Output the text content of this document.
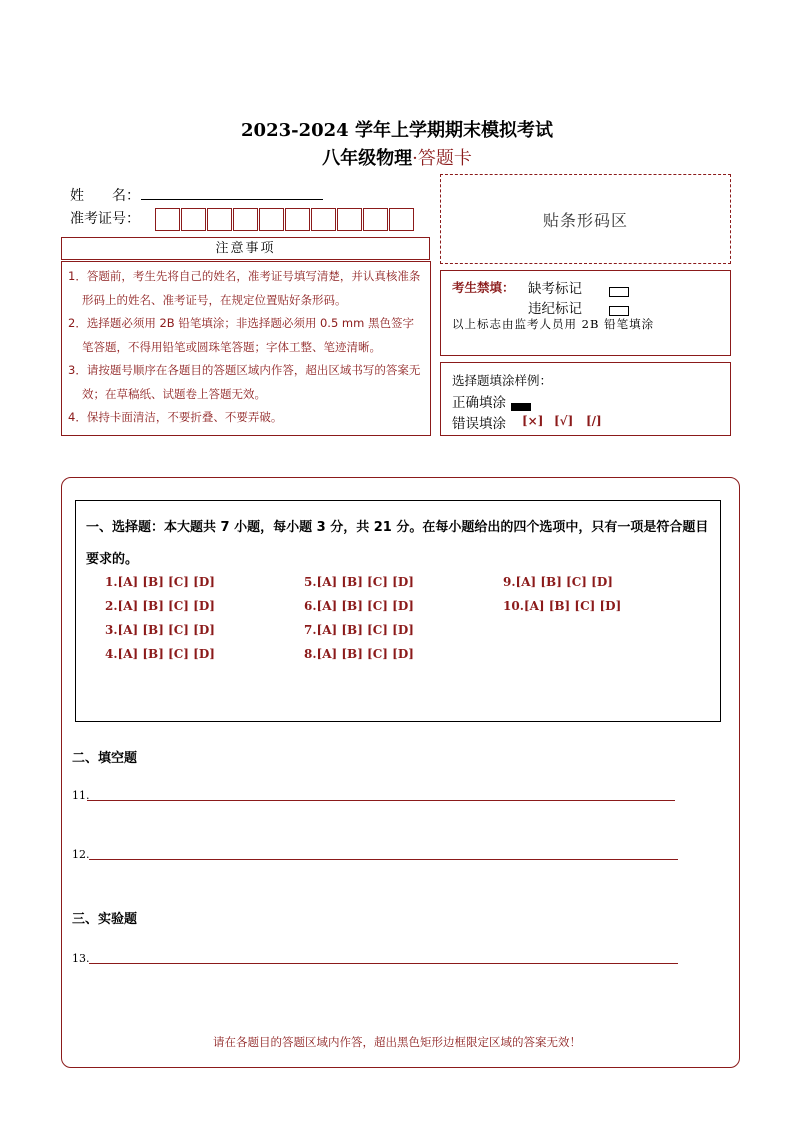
2023-2024 学年上学期期末模拟考试
八年级物理·答题卡
姓　　名：
准考证号：	贴条形码区
注意事项
1．答题前，考生先将自己的姓名，准考证号填写清楚，并认真核准条形码上的姓名、准考证号，在规定位置贴好条形码。
2．选择题必须用 2B 铅笔填涂；非选择题必须用 0.5 mm 黑色签字笔答题，不得用铅笔或圆珠笔答题；字体工整、笔迹清晰。
3．请按题号顺序在各题目的答题区域内作答，超出区域书写的答案无效；在草稿纸、试题卷上答题无效。
4．保持卡面清洁，不要折叠、不要弄破。
考生禁填： 缺考标记
违纪标记
以上标志由监考人员用 2B 铅笔填涂
选择题填涂样例：
正确填涂
错误填涂 [×] [√] [/]
一、选择题：本大题共 7 小题，每小题 3 分，共 21 分。在每小题给出的四个选项中，只有一项是符合题目要求的。
1.[A] [B] [C] [D]
2.[A] [B] [C] [D]
3.[A] [B] [C] [D]
4.[A] [B] [C] [D]
5.[A] [B] [C] [D]
6.[A] [B] [C] [D]
7.[A] [B] [C] [D]
8.[A] [B] [C] [D]
9.[A] [B] [C] [D]
10.[A] [B] [C] [D]
二、填空题
11.
12.
三、实验题
13.
请在各题目的答题区域内作答，超出黑色矩形边框限定区域的答案无效！
